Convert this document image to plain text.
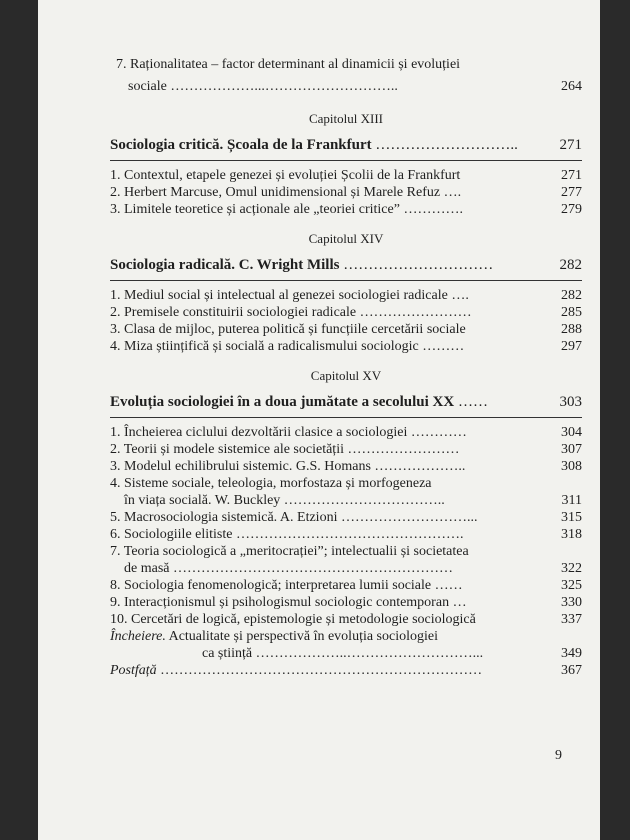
7. Raționalitatea – factor determinant al dinamicii și evoluției
sociale ………………...………………………..	264
Capitolul XIII
Sociologia critică. Școala de la Frankfurt ………………………..	271
1. Contextul, etapele genezei și evoluției Școlii de la Frankfurt	271
2. Herbert Marcuse, Omul unidimensional și Marele Refuz ….	277
3. Limitele teoretice și acționale ale „teoriei critice” ………….	279
Capitolul XIV
Sociologia radicală. C. Wright Mills …………………………	282
1. Mediul social și intelectual al genezei sociologiei radicale ….	282
2. Premisele constituirii sociologiei radicale ……………………	285
3. Clasa de mijloc, puterea politică și funcțiile cercetării sociale	288
4. Miza științifică și socială a radicalismului sociologic ………	297
Capitolul XV
Evoluția sociologiei în a doua jumătate a secolului XX ……	303
1. Încheierea ciclului dezvoltării clasice a sociologiei …………	304
2. Teorii și modele sistemice ale societății ……………………	307
3. Modelul echilibrului sistemic. G.S. Homans ………………..	308
4. Sisteme sociale, teleologia, morfostaza și morfogeneza
în viața socială. W. Buckley ……………………………..	311
5. Macrosociologia sistemică. A. Etzioni ………………………...	315
6. Sociologiile elitiste ………………………………………….	318
7. Teoria sociologică a „meritocrației”; intelectualii și societatea
de masă ……………………………………………………	322
8. Sociologia fenomenologică; interpretarea lumii sociale ……	325
9. Interacționismul și psihologismul sociologic contemporan …	330
10. Cercetări de logică, epistemologie și metodologie sociologică	337
Încheiere. Actualitate și perspectivă în evoluția sociologiei
ca știință ………………..………………………...	349
Postfață ……………………………………………………………	367
9
